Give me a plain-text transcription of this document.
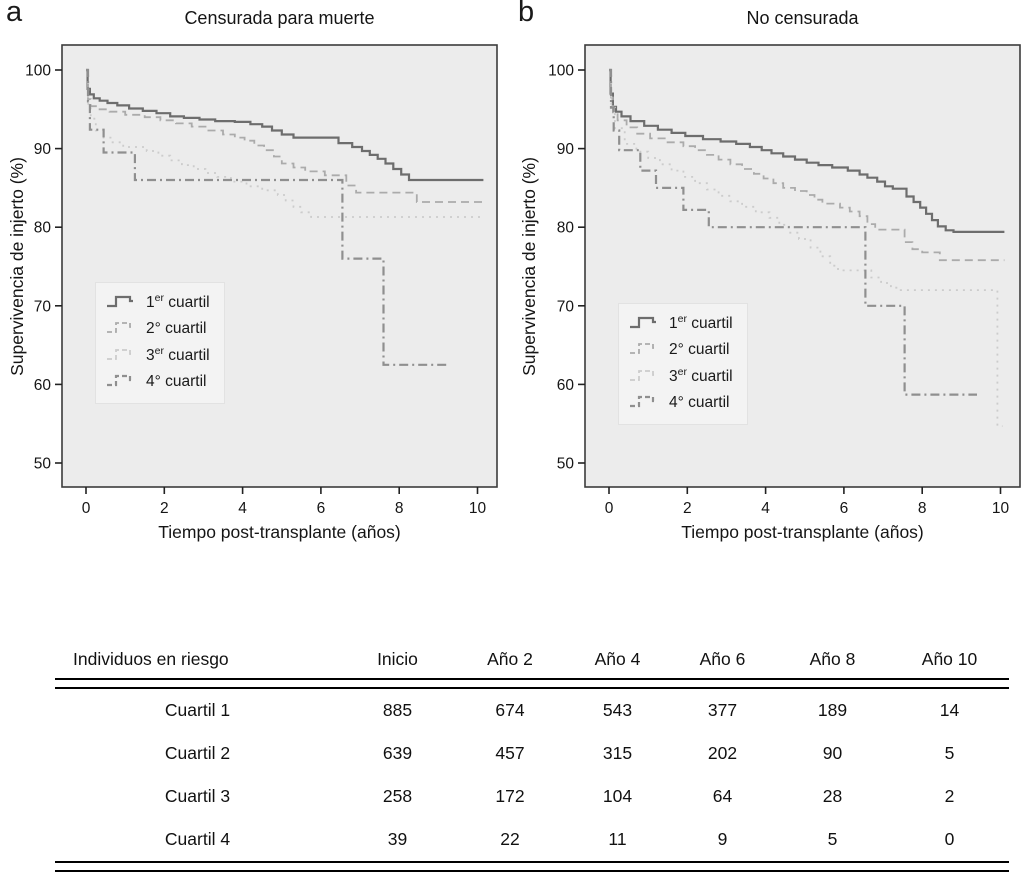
a	Censurada para muerte
Supervivencia de injerto (%)
50
60
70
80
90
100
0	2	4	6	8	10
Tiempo post-transplante (años)
1er cuartil
2° cuartil
3er cuartil
4° cuartil
b	No censurada
Supervivencia de injerto (%)
50
60
70
80
90
100
0	2	4	6	8	10
Tiempo post-transplante (años)
1er cuartil
2° cuartil
3er cuartil
4° cuartil
Individuos en riesgo	Inicio	Año 2	Año 4	Año 6	Año 8	Año 10
Cuartil 1	885	674	543	377	189	14
Cuartil 2	639	457	315	202	90	5
Cuartil 3	258	172	104	64	28	2
Cuartil 4	39	22	11	9	5	0
